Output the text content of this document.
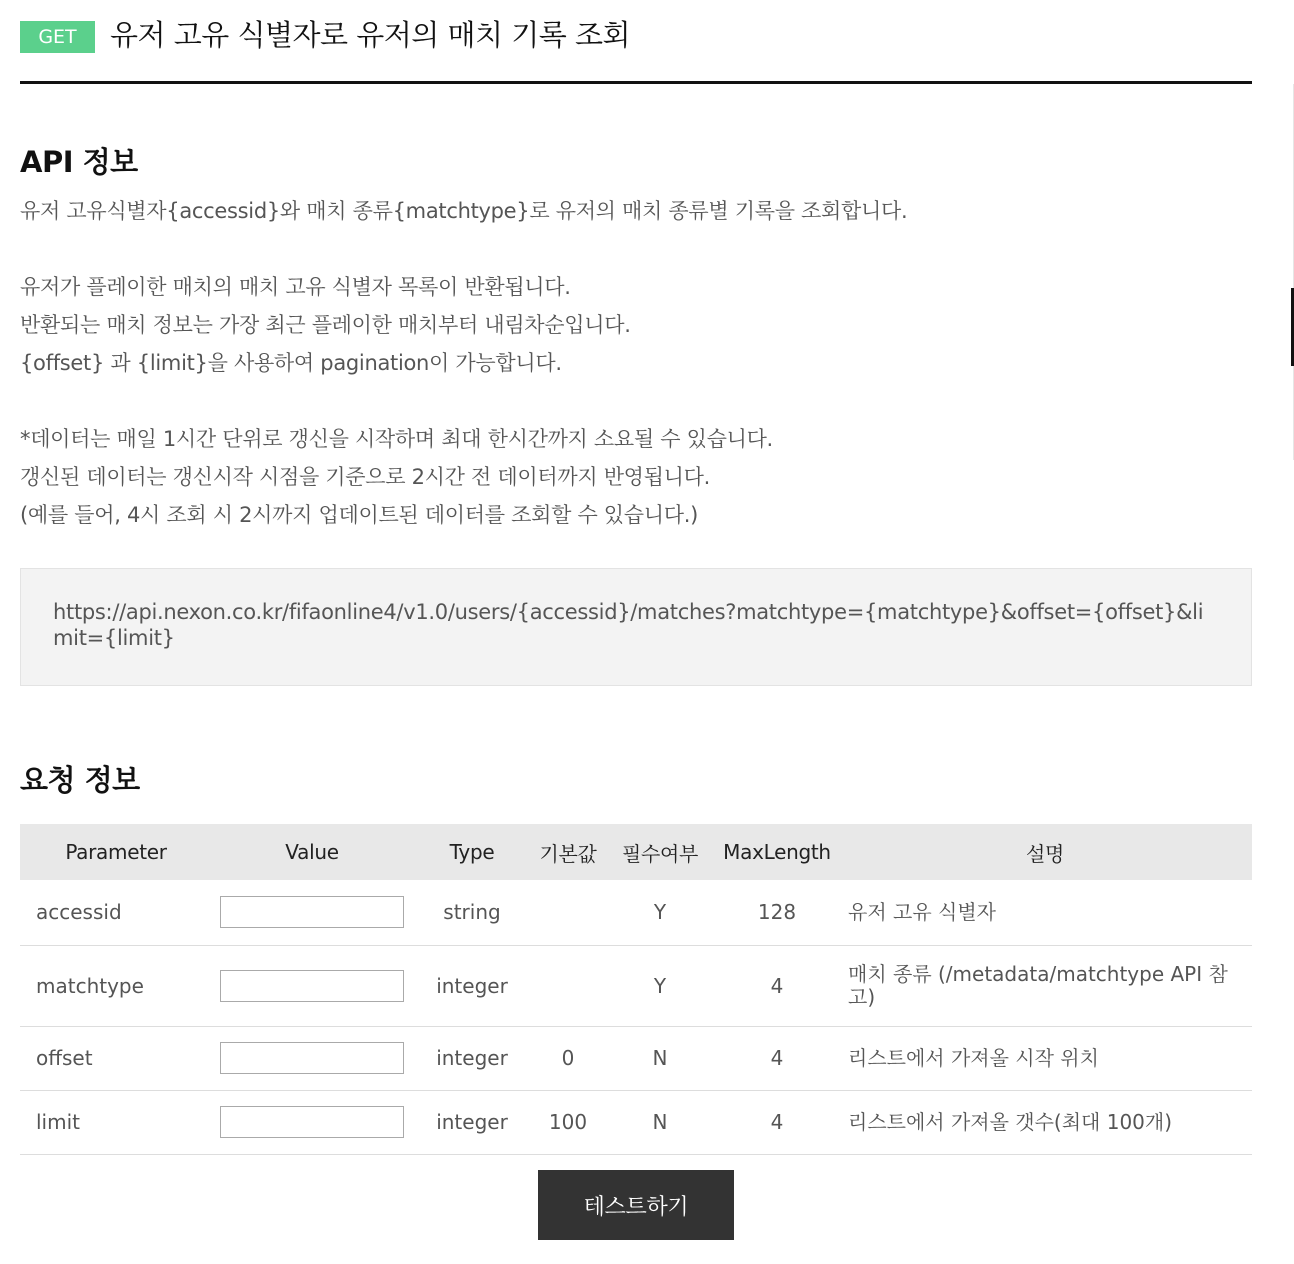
GET	유저 고유 식별자로 유저의 매치 기록 조회
API 정보

유저 고유식별자{accessid}와 매치 종류{matchtype}로 유저의 매치 종류별 기록을 조회합니다.

유저가 플레이한 매치의 매치 고유 식별자 목록이 반환됩니다.

반환되는 매치 정보는 가장 최근 플레이한 매치부터 내림차순입니다.

{offset} 과 {limit}을 사용하여 pagination이 가능합니다.

*데이터는 매일 1시간 단위로 갱신을 시작하며 최대 한시간까지 소요될 수 있습니다.

갱신된 데이터는 갱신시작 시점을 기준으로 2시간 전 데이터까지 반영됩니다.

(예를 들어, 4시 조회 시 2시까지 업데이트된 데이터를 조회할 수 있습니다.)

https://api.nexon.co.kr/fifaonline4/v1.0/users/{accessid}/matches?matchtype={matchtype}&offset={offset}&limit={limit}
요청 정보
Parameter	Value	Type	기본값	필수여부	MaxLength	설명
accessid		string		Y	128	유저 고유 식별자
matchtype		integer		Y	4	매치 종류 (/metadata/matchtype API 참고)
offset		integer	0	N	4	리스트에서 가져올 시작 위치
limit		integer	100	N	4	리스트에서 가져올 갯수(최대 100개)
테스트하기
